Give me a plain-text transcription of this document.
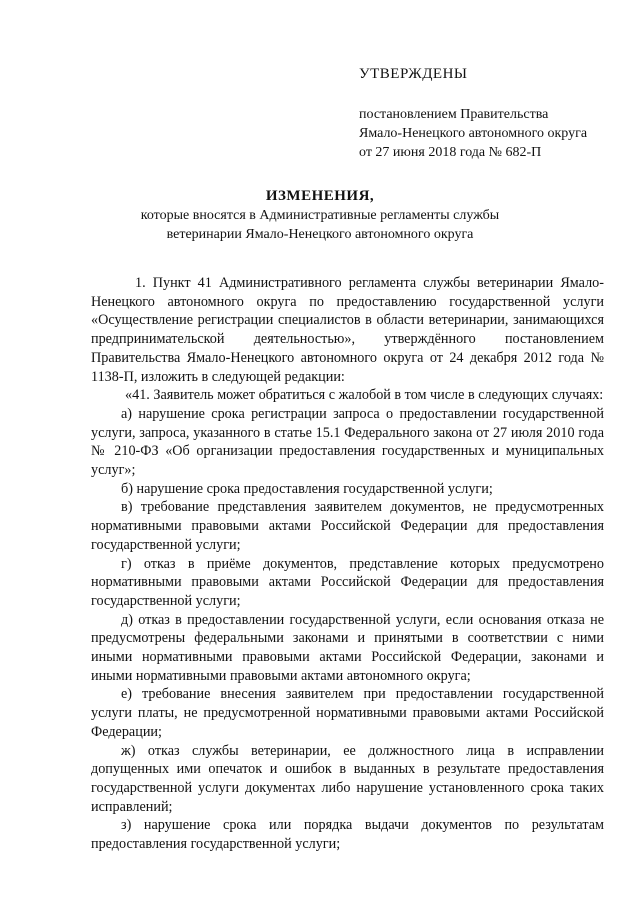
УТВЕРЖДЕНЫ
постановлением Правительства
Ямало-Ненецкого автономного округа
от 27 июня 2018 года № 682-П
ИЗМЕНЕНИЯ,
которые вносятся в Административные регламенты службы
ветеринарии Ямало-Ненецкого автономного округа

1. Пункт 41 Административного регламента службы ветеринарии Ямало-Ненецкого автономного округа по предоставлению государственной услуги «Осуществление регистрации специалистов в области ветеринарии, занимающихся предпринимательской деятельностью», утверждённого постановлением Правительства Ямало-Ненецкого автономного округа от 24 декабря 2012 года № 1138-П, изложить в следующей редакции:

«41. Заявитель может обратиться с жалобой в том числе в следующих случаях:

а) нарушение срока регистрации запроса о предоставлении государственной услуги, запроса, указанного в статье 15.1 Федерального закона от 27 июля 2010 года № 210-ФЗ «Об организации предоставления государственных и муниципальных услуг»;

б) нарушение срока предоставления государственной услуги;

в) требование представления заявителем документов, не предусмотренных нормативными правовыми актами Российской Федерации для предоставления государственной услуги;

г) отказ в приёме документов, представление которых предусмотрено нормативными правовыми актами Российской Федерации для предоставления государственной услуги;

д) отказ в предоставлении государственной услуги, если основания отказа не предусмотрены федеральными законами и принятыми в соответствии с ними иными нормативными правовыми актами Российской Федерации, законами и иными нормативными правовыми актами автономного округа;

е) требование внесения заявителем при предоставлении государственной услуги платы, не предусмотренной нормативными правовыми актами Российской Федерации;

ж) отказ службы ветеринарии, ее должностного лица в исправлении допущенных ими опечаток и ошибок в выданных в результате предоставления государственной услуги документах либо нарушение установленного срока таких исправлений;

з) нарушение срока или порядка выдачи документов по результатам предоставления государственной услуги;
